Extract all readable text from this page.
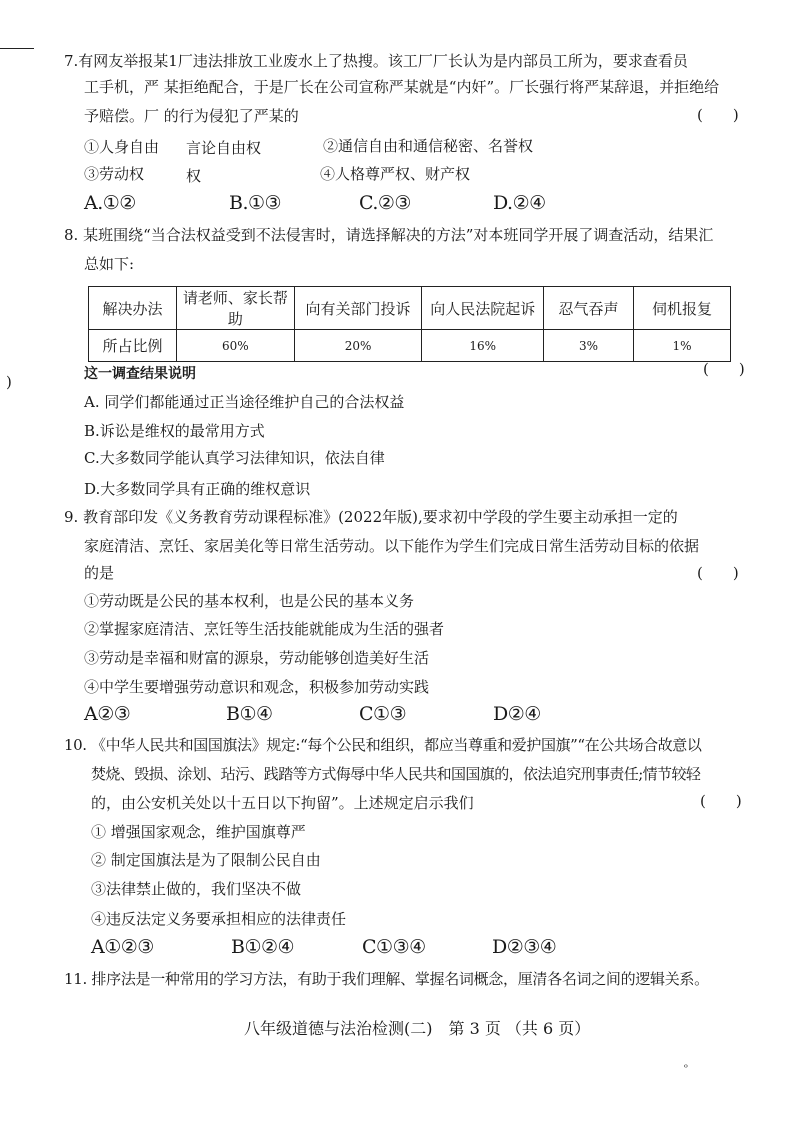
7.有网友举报某1厂违法排放工业废水上了热搜。该工厂厂长认为是内部员工所为，要求查看员
工手机，严 某拒绝配合，于是厂长在公司宣称严某就是“内奸”。厂长强行将严某辞退，并拒绝给
予赔偿。厂 的行为侵犯了严某的	(　　)
①人身自由 言论自由权	②通信自由和通信秘密、名誉权
③劳动权	权	④人格尊严权、财产权
A.①②	B.①③	C.②③	D.②④
8. 某班围绕“当合法权益受到不法侵害时，请选择解决的方法”对本班同学开展了调查活动，结果汇
总如下:
解决办法	请老师、家长帮助	向有关部门投诉	向人民法院起诉	忍气吞声	伺机报复
所占比例	60%	20%	16%	3%	1%
)	这一调查结果说明	(　　)
A. 同学们都能通过正当途径维护自己的合法权益
B.诉讼是维权的最常用方式
C.大多数同学能认真学习法律知识，依法自律
D.大多数同学具有正确的维权意识
9. 教育部印发《义务教育劳动课程标准》(2022年版),要求初中学段的学生要主动承担一定的
家庭清洁、烹饪、家居美化等日常生活劳动。以下能作为学生们完成日常生活劳动目标的依据
的是	(　　)
①劳动既是公民的基本权利，也是公民的基本义务
②掌握家庭清洁、烹饪等生活技能就能成为生活的强者
③劳动是幸福和财富的源泉，劳动能够创造美好生活
④中学生要增强劳动意识和观念，积极参加劳动实践
A②③	B①④	C①③	D②④
10. 《中华人民共和国国旗法》规定:“每个公民和组织，都应当尊重和爱护国旗”“在公共场合故意以
焚烧、毁损、涂划、玷污、践踏等方式侮辱中华人民共和国国旗的，依法追究刑事责任;情节较轻
的，由公安机关处以十五日以下拘留”。上述规定启示我们	(　　)
① 增强国家观念，维护国旗尊严
② 制定国旗法是为了限制公民自由
③法律禁止做的，我们坚决不做
④违反法定义务要承担相应的法律责任
A①②③	B①②④	C①③④	D②③④
11. 排序法是一种常用的学习方法，有助于我们理解、掌握名词概念，厘清各名词之间的逻辑关系。
八年级道德与法治检测(二)　第 3 页 （共 6 页）
ᵒ
